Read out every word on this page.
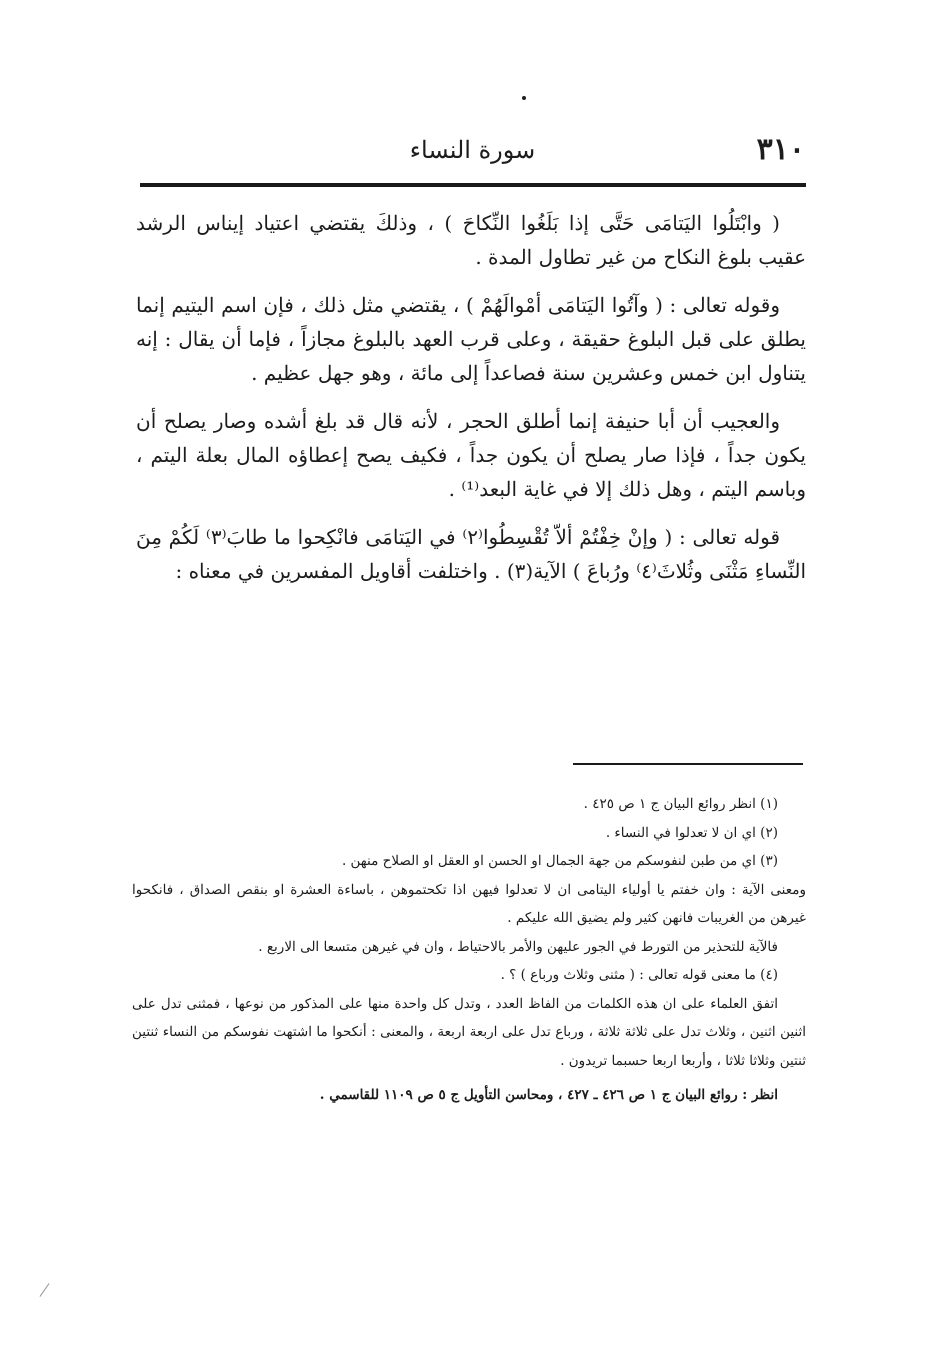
٣١٠
سورة النساء

( وابْتَلُوا اليَتامَى حَتَّى إذا بَلَغُوا النِّكاحَ ) ، وذلكَ يقتضي اعتياد إيناس الرشد عقيب بلوغ النكاح من غير تطاول المدة .

وقوله تعالى : ( وآتُوا اليَتامَى أمْوالَهُمْ ) ، يقتضي مثل ذلك ، فإن اسم اليتيم إنما يطلق على قبل البلوغ حقيقة ، وعلى قرب العهد بالبلوغ مجازاً ، فإما أن يقال : إنه يتناول ابن خمس وعشرين سنة فصاعداً إلى مائة ، وهو جهل عظيم .

والعجيب أن أبا حنيفة إنما أطلق الحجر ، لأنه قال قد بلغ أشده وصار يصلح أن يكون جداً ، فإذا صار يصلح أن يكون جداً ، فكيف يصح إعطاؤه المال بعلة اليتم ، وباسم اليتم ، وهل ذلك إلا في غاية البعد⁽¹⁾ .

قوله تعالى : ( وإنْ خِفْتُمْ ألاّ تُقْسِطُوا⁽٢⁾ في اليَتامَى فانْكِحوا ما طابَ⁽٣⁾ لَكُمْ مِنَ النِّساءِ مَثْنَى وثُلاثَ⁽٤⁾ ورُباعَ ) الآية(٣) . واختلفت أقاويل المفسرين في معناه :

(١) انظر روائع البيان ج ١ ص ٤٢٥ .

(٢) اي ان لا تعدلوا في النساء .

(٣) اي من طبن لنفوسكم من جهة الجمال او الحسن او العقل او الصلاح منهن .

ومعنى الآية : وان خفتم يا أولياء اليتامى ان لا تعدلوا فيهن اذا تكحتموهن ، باساءة العشرة او بنقص الصداق ، فانكحوا غيرهن من الغريبات فانهن كثير ولم يضيق الله عليكم .

فالآية للتحذير من التورط في الجور عليهن والأمر بالاحتياط ، وان في غيرهن متسعا الى الاربع .

(٤) ما معنى قوله تعالى : ( مثنى وثلاث ورباع ) ؟ .

اتفق العلماء على ان هذه الكلمات من الفاظ العدد ، وتدل كل واحدة منها على المذكور من نوعها ، فمثنى تدل على اثنين اثنين ، وثلاث تدل على ثلاثة ثلاثة ، ورباع تدل على اربعة اربعة ، والمعنى : أنكحوا ما اشتهت نفوسكم من النساء ثنتين ثنتين وثلاثا ثلاثا ، وأربعا اربعا حسبما تريدون .

انظر : روائع البيان ج ١ ص ٤٢٦ ـ ٤٢٧ ، ومحاسن التأويل ج ٥ ص ١١٠٩ للقاسمي .
